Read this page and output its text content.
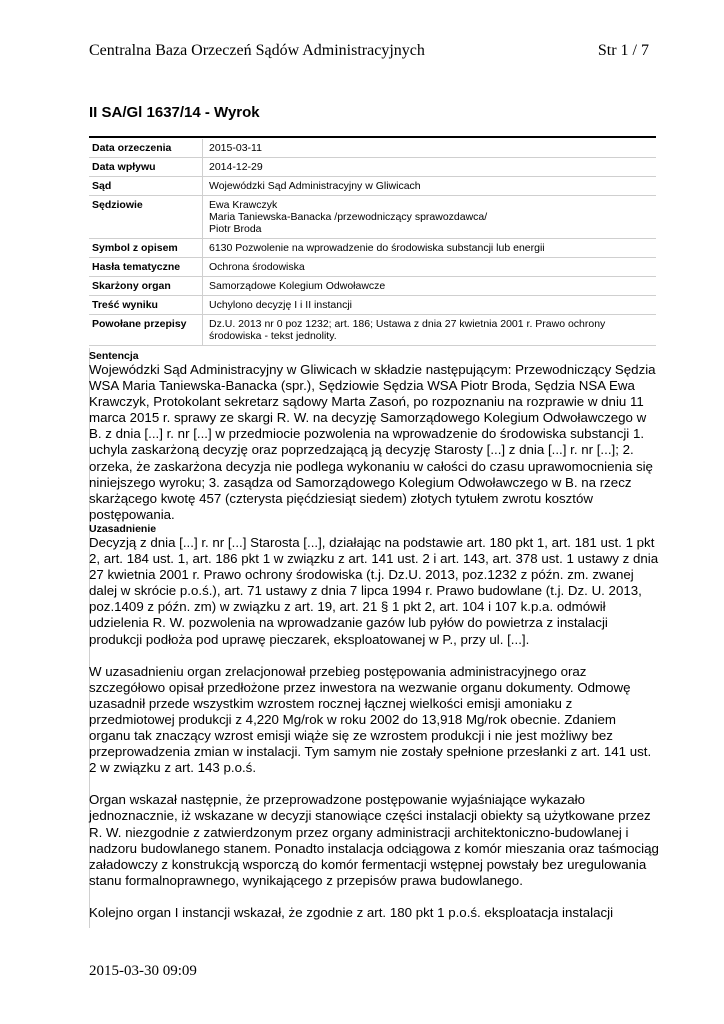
Centralna Baza Orzeczeń Sądów Administracyjnych	Str 1 / 7
II SA/Gl 1637/14 - Wyrok
Data orzeczenia	2015-03-11

Data wpływu	2014-12-29

Sąd	Wojewódzki Sąd Administracyjny w Gliwicach

Sędziowie	Ewa Krawczyk
Maria Taniewska-Banacka /przewodniczący sprawozdawca/
Piotr Broda

Symbol z opisem	6130 Pozwolenie na wprowadzenie do środowiska substancji lub energii

Hasła tematyczne	Ochrona środowiska

Skarżony organ	Samorządowe Kolegium Odwoławcze

Treść wyniku	Uchylono decyzję I i II instancji

Powołane przepisy	Dz.U. 2013 nr 0 poz 1232; art. 186; Ustawa z dnia 27 kwietnia 2001 r. Prawo ochrony
środowiska - tekst jednolity.
Sentencja
Wojewódzki Sąd Administracyjny w Gliwicach w składzie następującym: Przewodniczący Sędzia WSA Maria Taniewska-Banacka (spr.), Sędziowie Sędzia WSA Piotr Broda, Sędzia NSA Ewa Krawczyk, Protokolant sekretarz sądowy Marta Zasoń, po rozpoznaniu na rozprawie w dniu 11 marca 2015 r. sprawy ze skargi R. W. na decyzję Samorządowego Kolegium Odwoławczego w B. z dnia [...] r. nr [...] w przedmiocie pozwolenia na wprowadzenie do środowiska substancji 1. uchyla zaskarżoną decyzję oraz poprzedzającą ją decyzję Starosty [...] z dnia [...] r. nr [...]; 2. orzeka, że zaskarżona decyzja nie podlega wykonaniu w całości do czasu uprawomocnienia się niniejszego wyroku; 3. zasądza od Samorządowego Kolegium Odwoławczego w B. na rzecz skarżącego kwotę 457 (czterysta pięćdziesiąt siedem) złotych tytułem zwrotu kosztów postępowania.
Uzasadnienie

Decyzją z dnia [...] r. nr [...] Starosta [...], działając na podstawie art. 180 pkt 1, art. 181 ust. 1 pkt 2, art. 184 ust. 1, art. 186 pkt 1 w związku z art. 141 ust. 2 i art. 143, art. 378 ust. 1 ustawy z dnia 27 kwietnia 2001 r. Prawo ochrony środowiska (t.j. Dz.U. 2013, poz.1232 z późn. zm. zwanej dalej w skrócie p.o.ś.), art. 71 ustawy z dnia 7 lipca 1994 r. Prawo budowlane (t.j. Dz. U. 2013, poz.1409 z późn. zm) w związku z art. 19, art. 21 § 1 pkt 2, art. 104 i 107 k.p.a. odmówił udzielenia R. W. pozwolenia na wprowadzanie gazów lub pyłów do powietrza z instalacji produkcji podłoża pod uprawę pieczarek, eksploatowanej w P., przy ul. [...].

W uzasadnieniu organ zrelacjonował przebieg postępowania administracyjnego oraz szczegółowo opisał przedłożone przez inwestora na wezwanie organu dokumenty. Odmowę uzasadnił przede wszystkim wzrostem rocznej łącznej wielkości emisji amoniaku z przedmiotowej produkcji z 4,220 Mg/rok w roku 2002 do 13,918 Mg/rok obecnie. Zdaniem organu tak znaczący wzrost emisji wiąże się ze wzrostem produkcji i nie jest możliwy bez przeprowadzenia zmian w instalacji. Tym samym nie zostały spełnione przesłanki z art. 141 ust. 2 w związku z art. 143 p.o.ś.

Organ wskazał następnie, że przeprowadzone postępowanie wyjaśniające wykazało jednoznacznie, iż wskazane w decyzji stanowiące części instalacji obiekty są użytkowane przez R. W. niezgodnie z zatwierdzonym przez organy administracji architektoniczno-budowlanej i nadzoru budowlanego stanem. Ponadto instalacja odciągowa z komór mieszania oraz taśmociąg załadowczy z konstrukcją wsporczą do komór fermentacji wstępnej powstały bez uregulowania stanu formalnoprawnego, wynikającego z przepisów prawa budowlanego.

Kolejno organ I instancji wskazał, że zgodnie z art. 180 pkt 1 p.o.ś. eksploatacja instalacji

2015-03-30 09:09
